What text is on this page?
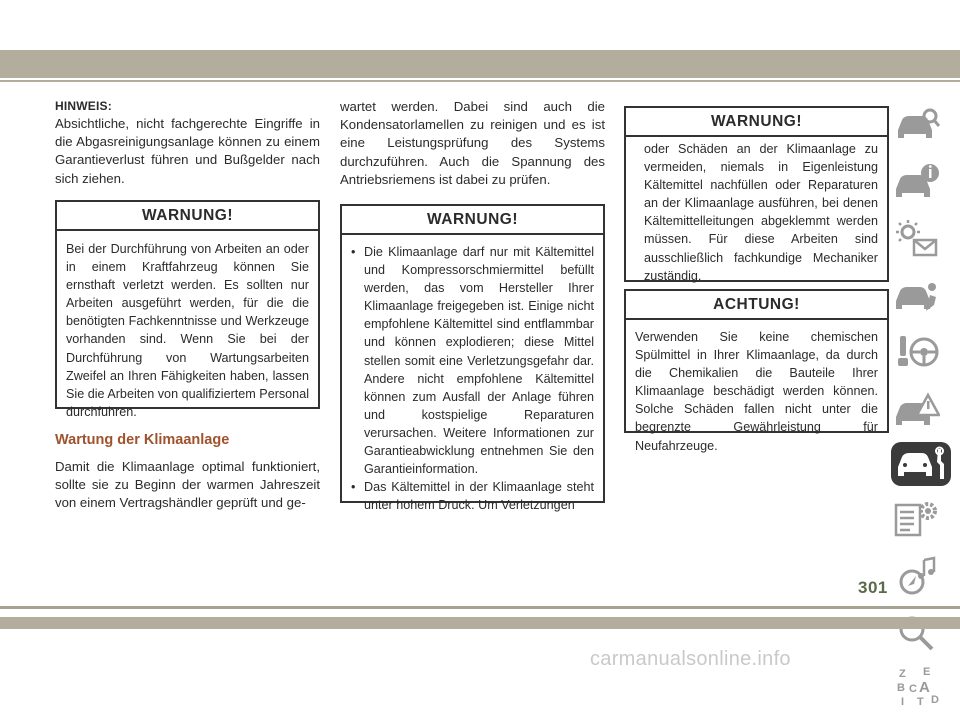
HINWEIS:

Absichtliche, nicht fachgerechte Eingriffe in die Abgasreinigungsanlage können zu einem Garantieverlust führen und Bußgelder nach sich ziehen.

WARNUNG!
Bei der Durchführung von Arbeiten an oder in einem Kraftfahrzeug können Sie ernsthaft verletzt werden. Es sollten nur Arbeiten ausgeführt werden, für die die benötigten Fachkenntnisse und Werkzeuge vorhanden sind. Wenn Sie bei der Durchführung von Wartungsarbeiten Zweifel an Ihren Fähigkeiten haben, lassen Sie die Arbeiten von qualifiziertem Personal durchführen.

Wartung der Klimaanlage

Damit die Klimaanlage optimal funktioniert, sollte sie zu Beginn der warmen Jahreszeit von einem Vertragshändler geprüft und ge-

wartet werden. Dabei sind auch die Kondensatorlamellen zu reinigen und es ist eine Leistungsprüfung des Systems durchzuführen. Auch die Spannung des Antriebsriemens ist dabei zu prüfen.

WARNUNG!
• Die Klimaanlage darf nur mit Kältemittel und Kompressorschmiermittel befüllt werden, das vom Hersteller Ihrer Klimaanlage freigegeben ist. Einige nicht empfohlene Kältemittel sind entflammbar und können explodieren; diese Mittel stellen somit eine Verletzungsgefahr dar. Andere nicht empfohlene Kältemittel können zum Ausfall der Anlage führen und kostspielige Reparaturen verursachen. Weitere Informationen zur Garantieabwicklung entnehmen Sie den Garantieinformation.
• Das Kältemittel in der Klimaanlage steht unter hohem Druck. Um Verletzungen
WARNUNG!
oder Schäden an der Klimaanlage zu vermeiden, niemals in Eigenleistung Kältemittel nachfüllen oder Reparaturen an der Klimaanlage ausführen, bei denen Kältemittelleitungen abgeklemmt werden müssen. Für diese Arbeiten sind ausschließlich fachkundige Mechaniker zuständig.
ACHTUNG!
Verwenden Sie keine chemischen Spülmittel in Ihrer Klimaanlage, da durch die Chemikalien die Bauteile Ihrer Klimaanlage beschädigt werden können. Solche Schäden fallen nicht unter die begrenzte Gewährleistung für Neufahrzeuge.
Z E
B A
C
T
I D
301
carmanualsonline.info
